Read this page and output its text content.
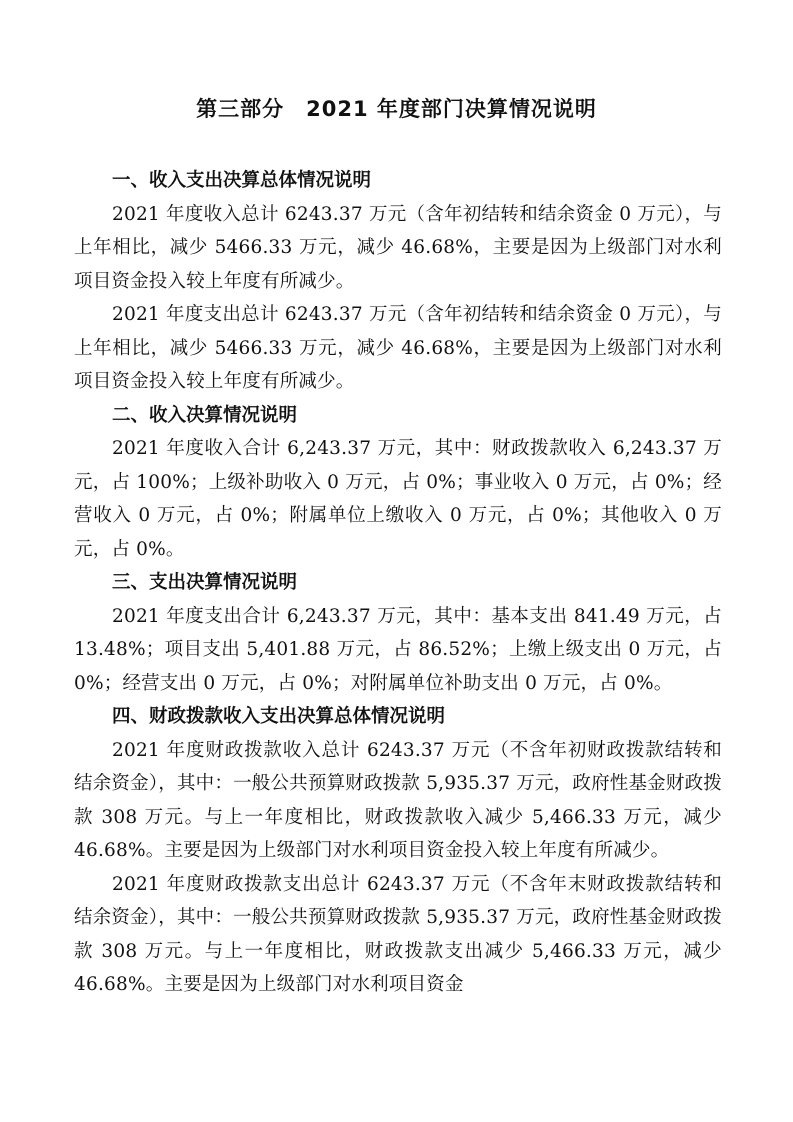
第三部分　2021 年度部门决算情况说明

一、收入支出决算总体情况说明

2021 年度收入总计 6243.37 万元（含年初结转和结余资金 0 万元），与上年相比，减少 5466.33 万元，减少 46.68%，主要是因为上级部门对水利项目资金投入较上年度有所减少。

2021 年度支出总计 6243.37 万元（含年初结转和结余资金 0 万元），与上年相比，减少 5466.33 万元，减少 46.68%，主要是因为上级部门对水利项目资金投入较上年度有所减少。

二、收入决算情况说明

2021 年度收入合计 6,243.37 万元，其中：财政拨款收入 6,243.37 万元，占 100%；上级补助收入 0 万元，占 0%；事业收入 0 万元，占 0%；经营收入 0 万元，占 0%；附属单位上缴收入 0 万元，占 0%；其他收入 0 万元，占 0%。

三、支出决算情况说明

2021 年度支出合计 6,243.37 万元，其中：基本支出 841.49 万元，占 13.48%；项目支出 5,401.88 万元，占 86.52%；上缴上级支出 0 万元，占 0%；经营支出 0 万元，占 0%；对附属单位补助支出 0 万元，占 0%。

四、财政拨款收入支出决算总体情况说明

2021 年度财政拨款收入总计 6243.37 万元（不含年初财政拨款结转和结余资金），其中：一般公共预算财政拨款 5,935.37 万元，政府性基金财政拨款 308 万元。与上一年度相比，财政拨款收入减少 5,466.33 万元，减少 46.68%。主要是因为上级部门对水利项目资金投入较上年度有所减少。

2021 年度财政拨款支出总计 6243.37 万元（不含年末财政拨款结转和结余资金），其中：一般公共预算财政拨款 5,935.37 万元，政府性基金财政拨款 308 万元。与上一年度相比，财政拨款支出减少 5,466.33 万元，减少 46.68%。主要是因为上级部门对水利项目资金
